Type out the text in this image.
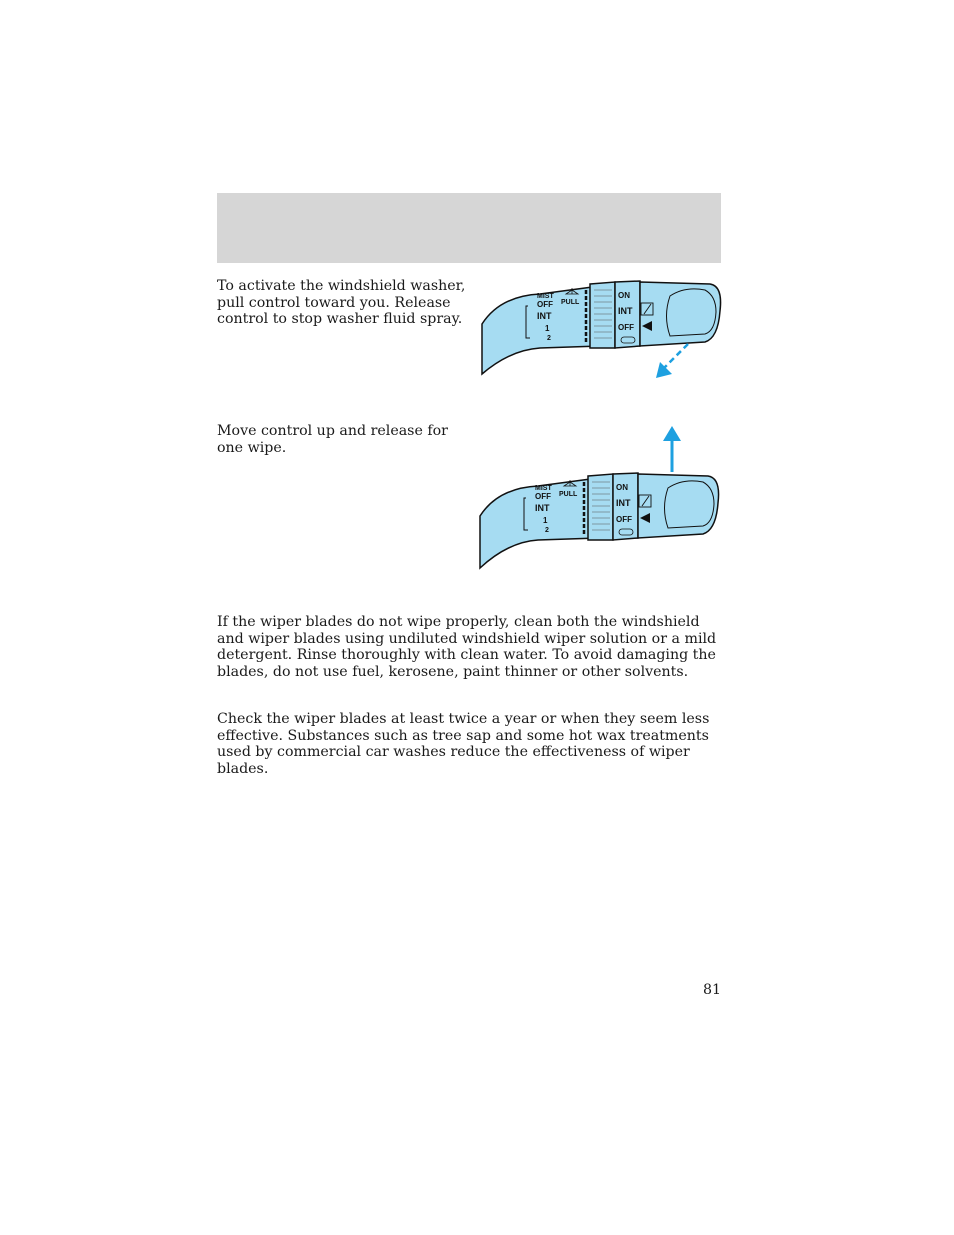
To activate the windshield washer, pull control toward you. Release control to stop washer fluid spray.

MIST
OFF PULL
INT
1
2
ON
INT
OFF

Move control up and release for one wipe.

MIST
OFF PULL
INT
1
2
ON
INT
OFF

If the wiper blades do not wipe properly, clean both the windshield and wiper blades using undiluted windshield wiper solution or a mild detergent. Rinse thoroughly with clean water. To avoid damaging the blades, do not use fuel, kerosene, paint thinner or other solvents.

Check the wiper blades at least twice a year or when they seem less effective. Substances such as tree sap and some hot wax treatments used by commercial car washes reduce the effectiveness of wiper blades.

81
